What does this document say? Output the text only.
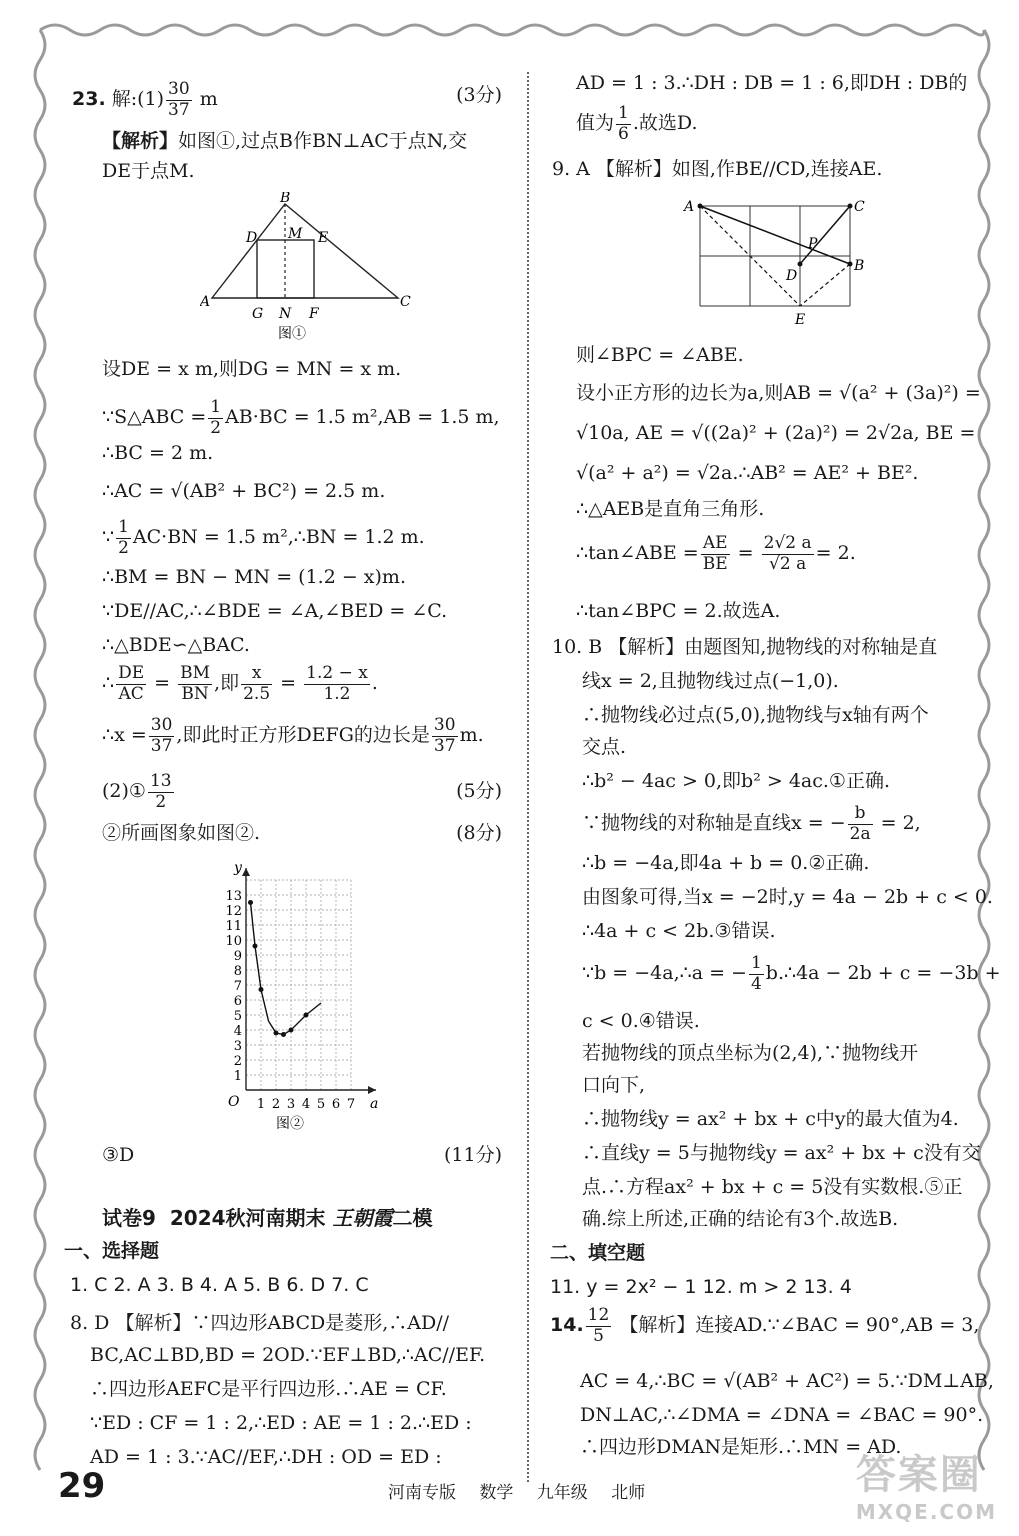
23. 解:(1) $\frac{30}{37}$ m	(3分)
【解析】如图①,过点B作BN⊥AC于点N,交
DE于点M.
B
D M E
A
G N F
C
图①
设DE = x m,则DG = MN = x m.
∵S△ABC = $\frac{1}{2} AB\cdot BC = 1.5$ m²,AB = 1.5 m,
∴BC = 2 m.
∴AC = √(AB² + BC²) = 2.5 m.
∵ $\frac{1}{2} AC\cdot BN = 1.5$ m²,∴BN = 1.2 m.
∴BM = BN − MN = (1.2 − x)m.
∵DE//AC,∴∠BDE = ∠A,∠BED = ∠C.
∴△BDE∽△BAC.
∴ $\frac{DE}{AC} = \frac{BM}{BN}$ ,即 $\frac{x}{2.5} = \frac{1.2 - x}{1.2}$ .
∴x = $\frac{30}{37}$ ,即此时正方形DEFG的边长是 $\frac{30}{37} m$.
(2)① $\frac{13}{2}$	(5分)
②所画图象如图②.	(8分)
1
2
3
4
5
6
7
8
9
10
11
12
13
1 2 3 4 5 6 7
y
a
O
图②
③D	(11分)
试卷9 2024秋河南期末 王朝霞二模
一、选择题
1. C 2. A 3. B 4. A 5. B 6. D 7. C
8. D 【解析】∵四边形ABCD是菱形,∴AD//
BC,AC⊥BD,BD = 2OD.∵EF⊥BD,∴AC//EF.
∴四边形AEFC是平行四边形.∴AE = CF.
∵ED : CF = 1 : 2,∴ED : AE = 1 : 2.∴ED :
AD = 1 : 3.∵AC//EF,∴DH : OD = ED :
AD = 1 : 3.∴DH : DB = 1 : 6,即DH : DB的
值为 $\frac{1}{6}$ .故选D.
9. A 【解析】如图,作BE//CD,连接AE.
A	C
P
D
B
E
则∠BPC = ∠ABE.
设小正方形的边长为a,则AB = √(a² + (3a)²) =
√10a, AE = √((2a)² + (2a)²) = 2√2a, BE =
√(a² + a²) = √2a.∴AB² = AE² + BE².
∴△AEB是直角三角形.
∴tan∠ABE = $\frac{AE}{BE} = \frac{2√2 a}{√2 a} = 2$.
∴tan∠BPC = 2.故选A.
10. B 【解析】由题图知,抛物线的对称轴是直
线x = 2,且抛物线过点(−1,0).
∴抛物线必过点(5,0),抛物线与x轴有两个
交点.
∴b² − 4ac > 0,即b² > 4ac.①正确.
∵抛物线的对称轴是直线x = − $\frac{b}{2a} = 2$,
∴b = −4a,即4a + b = 0.②正确.
由图象可得,当x = −2时,y = 4a − 2b + c < 0.
∴4a + c < 2b.③错误.
∵b = −4a,∴a = − $\frac{1}{4}$ b.∴4a − 2b + c = −3b +
c < 0.④错误.
若抛物线的顶点坐标为(2,4),∵抛物线开
口向下,
∴抛物线y = ax² + bx + c中y的最大值为4.
∴直线y = 5与抛物线y = ax² + bx + c没有交
点.∴方程ax² + bx + c = 5没有实数根.⑤正
确.综上所述,正确的结论有3个.故选B.
二、填空题
11. y = 2x² − 1 12. m > 2 13. 4
14. $\frac{12}{5}$ 【解析】连接AD.∵∠BAC = 90°,AB = 3,
AC = 4,∴BC = √(AB² + AC²) = 5.∵DM⊥AB,
DN⊥AC,∴∠DMA = ∠DNA = ∠BAC = 90°.
∴四边形DMAN是矩形.∴MN = AD.
29	河南专版 数学 九年级 北师	答案圈
MXQE.COM
